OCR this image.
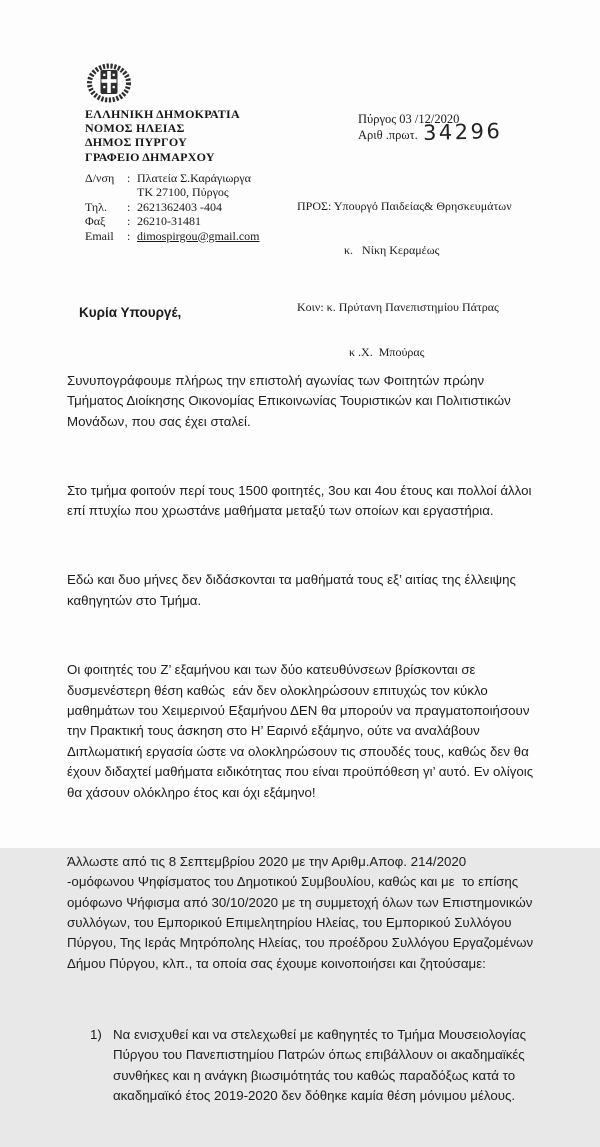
ΕΛΛΗΝΙΚΗ ΔΗΜΟΚΡΑΤΙΑ
ΝΟΜΟΣ ΗΛΕΙΑΣ
ΔΗΜΟΣ ΠΥΡΓΟΥ
ΓΡΑΦΕΙΟ ΔΗΜΑΡΧΟΥ
Πύργος 03 /12/2020
Αριθ .πρωτ. 34296
Δ/νση	: Πλατεία Σ.Καράγιωργα
ΤΚ 27100, Πύργος
Τηλ.	: 2621362403 -404
Φαξ	: 26210-31481
Email	: dimospirgou@gmail.com

ΠΡΟΣ: Υπουργό Παιδείας& Θρησκευμάτων

κ.   Νίκη Κεραμέως

Κοιν: κ. Πρύτανη Πανεπιστημίου Πάτρας

κ .Χ.  Μπούρας

Κυρία Υπουργέ,

Συνυπογράφουμε πλήρως την επιστολή αγωνίας των Φοιτητών πρώην Τμήματος Διοίκησης Οικονομίας Επικοινωνίας Τουριστικών και Πολιτιστικών Μονάδων, που σας έχει σταλεί.

Στο τμήμα φοιτούν περί τους 1500 φοιτητές, 3ου και 4ου έτους και πολλοί άλλοι επί πτυχίω που χρωστάνε μαθήματα μεταξύ των οποίων και εργαστήρια.

Εδώ και δυο μήνες δεν διδάσκονται τα μαθήματά τους εξ’ αιτίας της έλλειψης καθηγητών στο Τμήμα.

Οι φοιτητές του Ζ’ εξαμήνου και των δύο κατευθύνσεων βρίσκονται σε δυσμενέστερη θέση καθώς  εάν δεν ολοκληρώσουν επιτυχώς τον κύκλο μαθημάτων του Χειμερινού Εξαμήνου ΔΕΝ θα μπορούν να πραγματοποιήσουν την Πρακτική τους άσκηση στο Η’ Εαρινό εξάμηνο, ούτε να αναλάβουν Διπλωματική εργασία ώστε να ολοκληρώσουν τις σπουδές τους, καθώς δεν θα έχουν διδαχτεί μαθήματα ειδικότητας που είναι προϋπόθεση γι’ αυτό. Εν ολίγοις θα χάσουν ολόκληρο έτος και όχι εξάμηνο!

Άλλωστε από τις 8 Σεπτεμβρίου 2020 με την Αριθμ.Αποφ. 214/2020 -ομόφωνου Ψηφίσματος του Δημοτικού Συμβουλίου, καθώς και με  το επίσης ομόφωνο Ψήφισμα από 30/10/2020 με τη συμμετοχή όλων των Επιστημονικών συλλόγων, του Εμπορικού Επιμελητηρίου Ηλείας, του Εμπορικού Συλλόγου Πύργου, Της Ιεράς Μητρόπολης Ηλείας, του προέδρου Συλλόγου Εργαζομένων Δήμου Πύργου, κλπ., τα οποία σας έχουμε κοινοποιήσει και ζητούσαμε:

1) Να ενισχυθεί και να στελεχωθεί με καθηγητές το Τμήμα Μουσειολογίας Πύργου του Πανεπιστημίου Πατρών όπως επιβάλλουν οι ακαδημαϊκές συνθήκες και η ανάγκη βιωσιμότητάς του καθώς παραδόξως κατά το ακαδημαϊκό έτος 2019-2020 δεν δόθηκε καμία θέση μόνιμου μέλους.
